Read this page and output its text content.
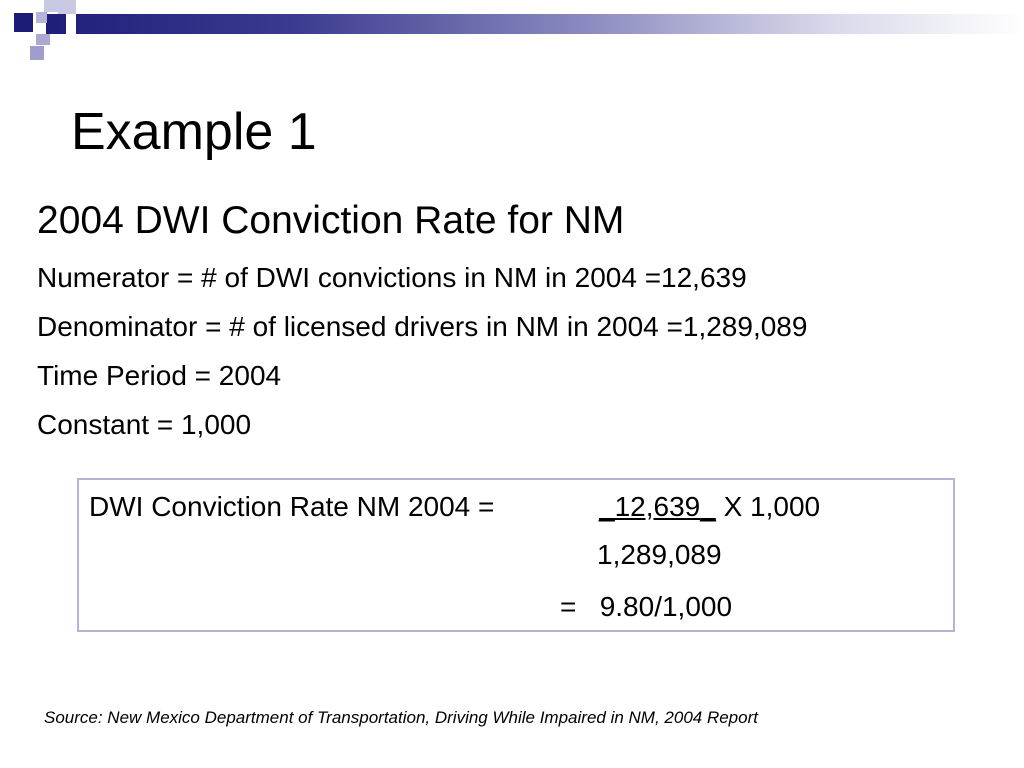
Example 1
2004 DWI Conviction Rate for NM
Numerator = # of DWI convictions in NM in 2004 =12,639
Denominator = # of licensed drivers in NM in 2004 =1,289,089
Time Period = 2004
Constant = 1,000
DWI Conviction Rate NM 2004 =	_12,639_ X 1,000
1,289,089
= 9.80/1,000
Source: New Mexico Department of Transportation, Driving While Impaired in NM, 2004 Report
